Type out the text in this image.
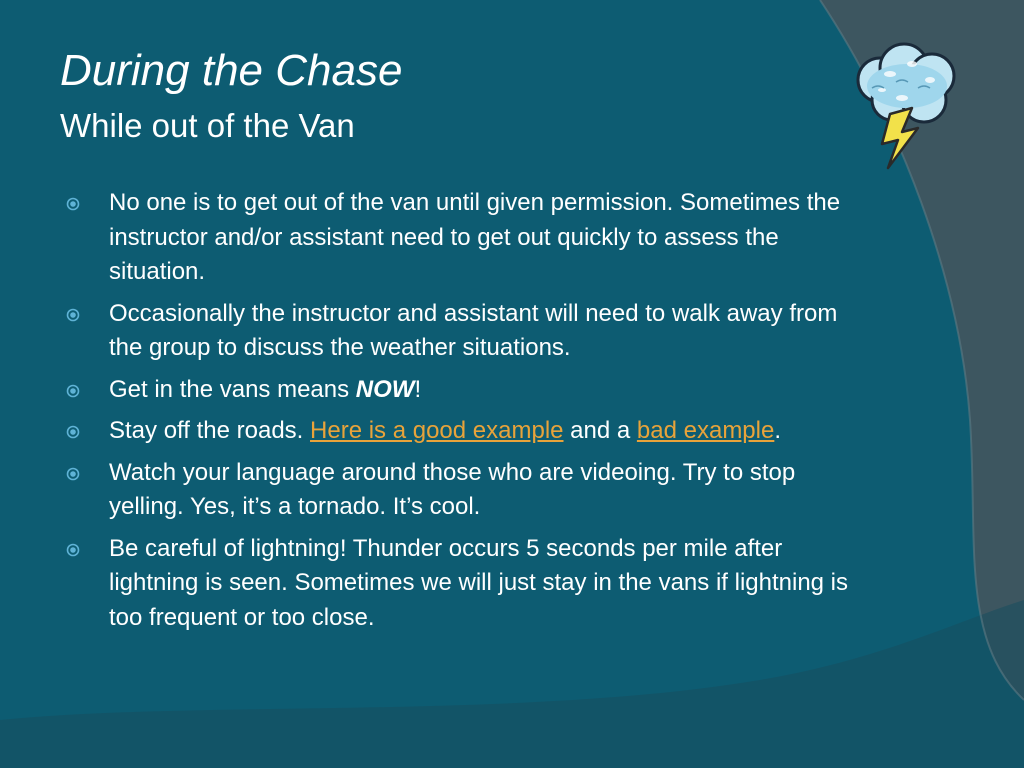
During the Chase
While out of the Van
No one is to get out of the van until given permission. Sometimes the instructor and/or assistant need to get out quickly to assess the situation.
Occasionally the instructor and assistant will need to walk away from the group to discuss the weather situations.
Get in the vans means NOW!
Stay off the roads. Here is a good example and a bad example.
Watch your language around those who are videoing. Try to stop yelling. Yes, it’s a tornado. It’s cool.
Be careful of lightning! Thunder occurs 5 seconds per mile after lightning is seen. Sometimes we will just stay in the vans if lightning is too frequent or too close.
